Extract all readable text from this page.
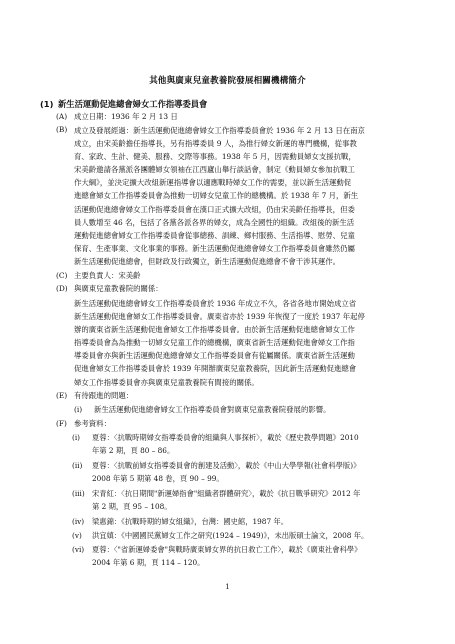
其他與廣東兒童教養院發展相關機構簡介
(1) 新生活運動促進總會婦女工作指導委員會
(A) 成立日期：1936 年 2 月 13 日
(B) 成立及發展經過：新生活運動促進總會婦女工作指導委員會於 1936 年 2 月 13 日在南京
成立，由宋美齡擔任指導長，另有指導委員 9 人，為推行婦女新運的專門機構，從事教
育、家政、生計、健美、服務、交際等事務。1938 年 5 月，因需動員婦女支援抗戰，
宋美齡邀請各黨派各團體婦女領袖在江西廬山舉行談話會，制定《動員婦女參加抗戰工
作大綱》，並決定擴大改組新運指導會以適應戰時婦女工作的需要，並以新生活運動促
進總會婦女工作指導委員會為推動一切婦女兒童工作的總機構。於 1938 年 7 月，新生
活運動促進總會婦女工作指導委員會在漢口正式擴大改組，仍由宋美齡任指導長，但委
員人數增至 46 名，包括了各黨各派各界的婦女，成為全國性的組織。改組後的新生活
運動促進總會婦女工作指導委員會從事總務、訓練、鄉村服務、生活指導、慰勞、兒童
保育、生產事業、文化事業的事務。新生活運動促進總會婦女工作指導委員會雖然仍屬
新生活運動促進總會，但財政及行政獨立，新生活運動促進總會不會干涉其運作。
(C) 主要負責人：宋美齡
(D) 與廣東兒童教養院的關係：
新生活運動促進總會婦女工作指導委員會於 1936 年成立不久，各省各地市開始成立省
新生活運動促進會婦女工作指導委員會。廣東省亦於 1939 年恢復了一度於 1937 年起停
辦的廣東省新生活運動促進會婦女工作指導委員會。由於新生活運動促進總會婦女工作
指導委員會為為推動一切婦女兒童工作的總機構，廣東省新生活運動促進會婦女工作指
導委員會亦與新生活運動促進總會婦女工作指導委員會有從屬關係。廣東省新生活運動
促進會婦女工作指導委員會於 1939 年開辦廣東兒童教養院，因此新生活運動促進總會
婦女工作指導委員會亦與廣東兒童教養院有間接的關係。
(E) 有待跟進的問題：
(i)	新生活運動促進總會婦女工作指導委員會對廣東兒童教養院發展的影響。
(F) 參考資料：
(i)	夏蓉：〈抗戰時期婦女指導委員會的組織與人事探析〉，載於《歷史教學問題》2010
年第 2 期，頁 80 – 86。
(ii)	夏蓉：〈抗戰前婦女指導委員會的創建及活動〉，載於《中山大學學報(社會科學版)》
2008 年第 5 期第 48 卷，頁 90 – 99。
(iii) 宋青紅：〈抗日期間"新運婦指會"組織者群體研究〉，載於《抗日戰爭研究》2012 年
第 2 期，頁 95 – 108。
(iv)	梁惠錦：《抗戰時期的婦女組織》，台灣：國史館，1987 年。
(v)	洪宜嫃：《中國國民黨婦女工作之研究(1924 – 1949)》，未出版碩士論文，2008 年。
(vi)	夏蓉：〈"省新運婦委會"與戰時廣東婦女界的抗日救亡工作〉，載於《廣東社會科學》
2004 年第 6 期，頁 114 – 120。
1
